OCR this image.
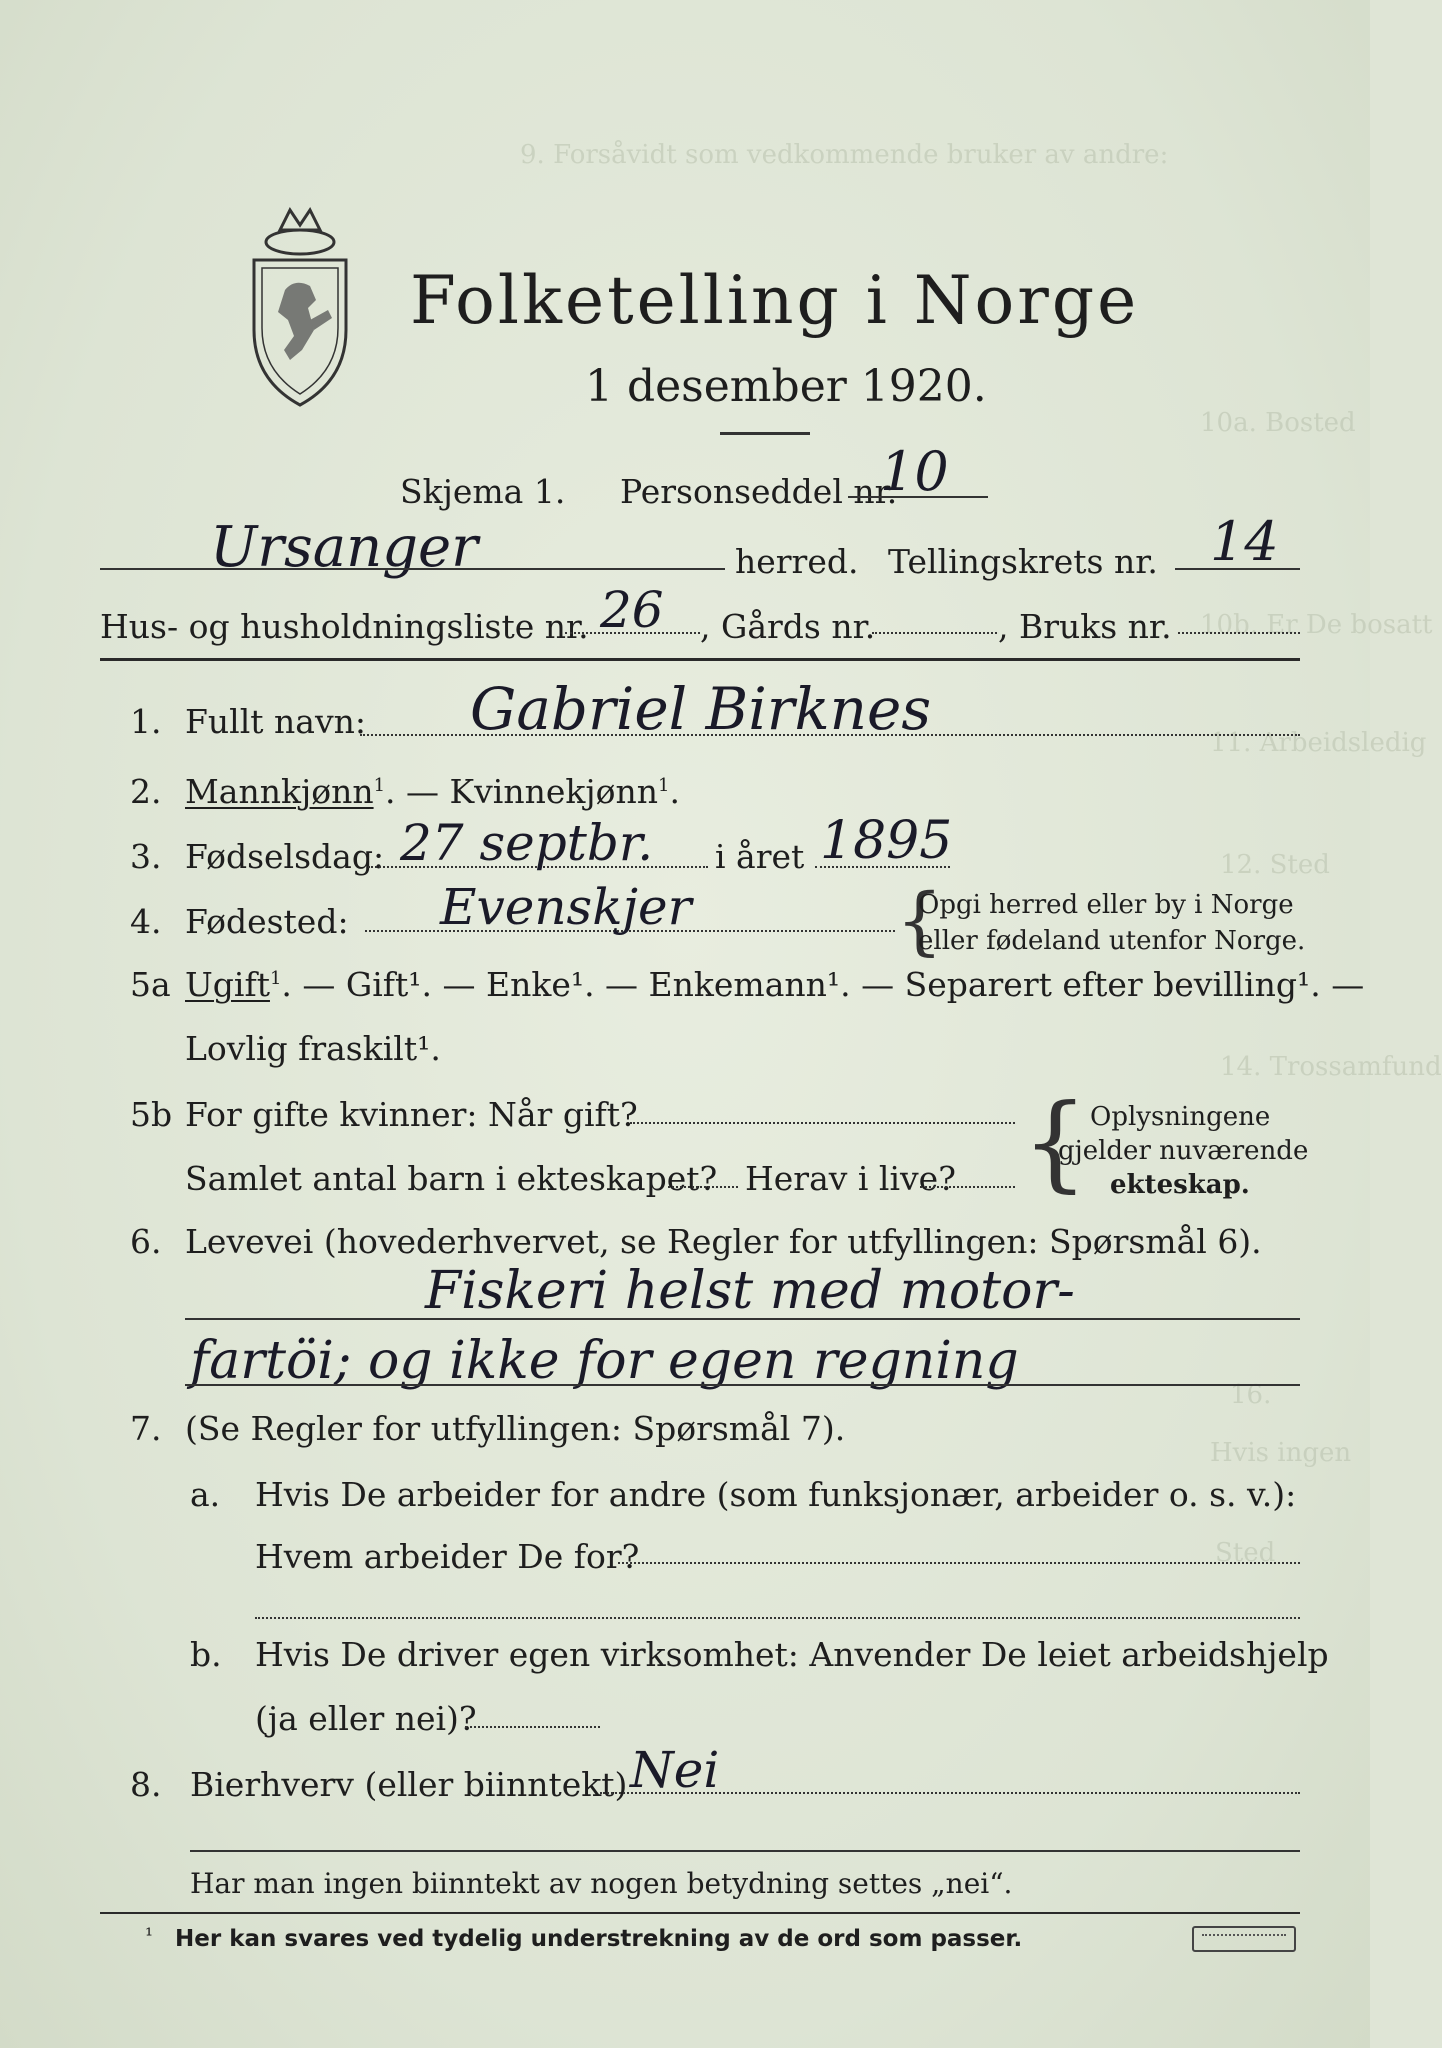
9. Forsåvidt som vedkommende bruker av andre:
10a. Bosted
10b. Er De bosatt
11. Arbeidsledig
12. Sted
14. Trossamfund
16.
Hvis ingen
Sted
Folketelling i Norge
1 desember 1920.
Skjema 1. Personseddel nr.
10
Ursanger	herred. Tellingskrets nr. 14
Hus- og husholdningsliste nr. 26 , Gårds nr.	, Bruks nr.
1. Fullt navn: Gabriel Birknes
2. Mannkjønn$^1$. — Kvinnekjønn$^1$.
3. Fødselsdag: 27 septbr. i året 1895
4. Fødested: Evenskjer	{
Opgi herred eller by i Norge
eller fødeland utenfor Norge.
5a Ugift$^1$. — Gift¹. — Enke¹. — Enkemann¹. — Separert efter bevilling¹. —
Lovlig fraskilt¹.
5b For gifte kvinner: Når gift?
Samlet antal barn i ekteskapet? Herav i live? { Oplysningene
gjelder nuværende
ekteskap.
6. Levevei (hovederhvervet, se Regler for utfyllingen: Spørsmål 6).
Fiskeri helst med motor-
fartöi; og ikke for egen regning
7. (Se Regler for utfyllingen: Spørsmål 7).
a. Hvis De arbeider for andre (som funksjonær, arbeider o. s. v.):
Hvem arbeider De for?
b. Hvis De driver egen virksomhet: Anvender De leiet arbeidshjelp
(ja eller nei)?
8. Bierhverv (eller biinntekt) Nei
Har man ingen biinntekt av nogen betydning settes „nei“.
¹ Her kan svares ved tydelig understrekning av de ord som passer.
